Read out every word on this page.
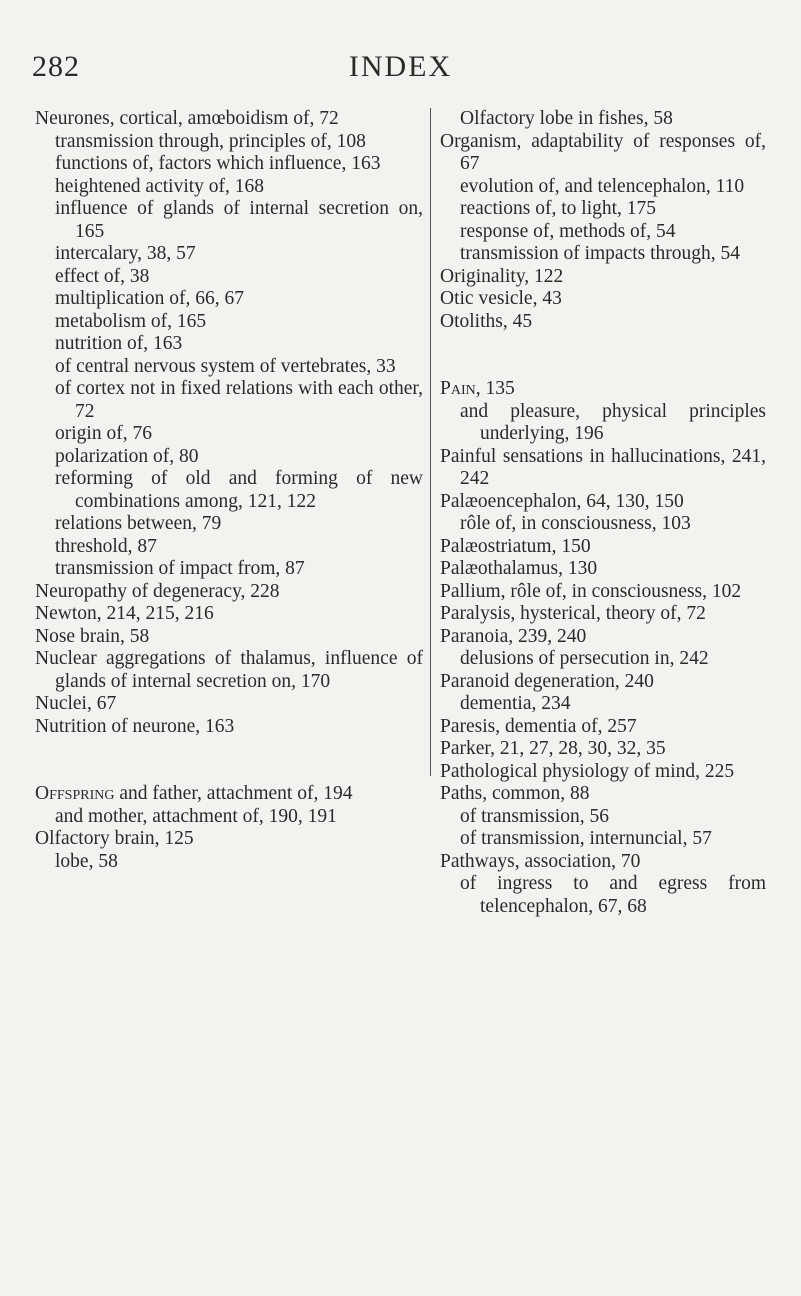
282	INDEX
Neurones, cortical, amœboidism of, 72
transmission through, principles of, 108
functions of, factors which influence, 163
heightened activity of, 168
influence of glands of internal secretion on, 165
intercalary, 38, 57
effect of, 38
multiplication of, 66, 67
metabolism of, 165
nutrition of, 163
of central nervous system of vertebrates, 33
of cortex not in fixed relations with each other, 72
origin of, 76
polarization of, 80
reforming of old and forming of new combinations among, 121, 122
relations between, 79
threshold, 87
transmission of impact from, 87
Neuropathy of degeneracy, 228
Newton, 214, 215, 216
Nose brain, 58
Nuclear aggregations of thalamus, influence of glands of internal secretion on, 170
Nuclei, 67
Nutrition of neurone, 163
Offspring and father, attachment of, 194
and mother, attachment of, 190, 191
Olfactory brain, 125
lobe, 58
Olfactory lobe in fishes, 58
Organism, adaptability of responses of, 67
evolution of, and telencephalon, 110
reactions of, to light, 175
response of, methods of, 54
transmission of impacts through, 54
Originality, 122
Otic vesicle, 43
Otoliths, 45
Pain, 135
and pleasure, physical principles underlying, 196
Painful sensations in hallucinations, 241, 242
Palæoencephalon, 64, 130, 150
rôle of, in consciousness, 103
Palæostriatum, 150
Palæothalamus, 130
Pallium, rôle of, in consciousness, 102
Paralysis, hysterical, theory of, 72
Paranoia, 239, 240
delusions of persecution in, 242
Paranoid degeneration, 240
dementia, 234
Paresis, dementia of, 257
Parker, 21, 27, 28, 30, 32, 35
Pathological physiology of mind, 225
Paths, common, 88
of transmission, 56
of transmission, internuncial, 57
Pathways, association, 70
of ingress to and egress from telencephalon, 67, 68
